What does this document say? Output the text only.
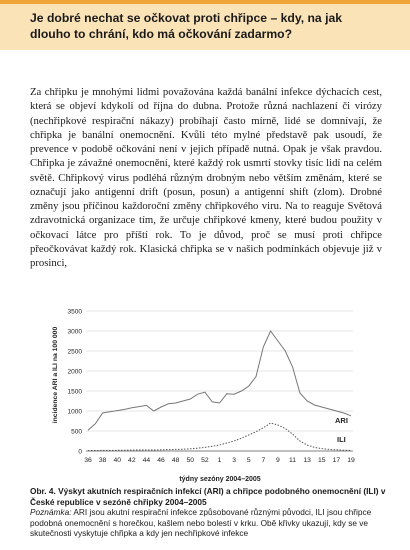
Je dobré nechat se očkovat proti chřipce – kdy, na jak dlouho to chrání, kdo má očkování zadarmo?
Za chřipku je mnohými lidmi považována každá banální infekce dýchacích cest, která se objeví kdykoli od října do dubna. Protože různá nachlazení či virózy (nechřipkové respirační nákazy) probíhají často mírně, lidé se domnívají, že chřipka je banální onemocnění. Kvůli této mylné představě pak usoudí, že prevence v podobě očkování není v jejich případě nutná. Opak je však pravdou. Chřipka je závažné onemocnění, které každý rok usmrtí stovky tisíc lidí na celém světě. Chřipkový virus podléhá různým drobným nebo větším změnám, které se označují jako antigenní drift (posun, posun) a antigenní shift (zlom). Drobné změny jsou příčinou každoroční změny chřipkového viru. Na to reaguje Světová zdravotnická organizace tím, že určuje chřipkové kmeny, které budou použity v očkovací látce pro příští rok. To je důvod, proč se musí proti chřipce přeočkovávat každý rok. Klasická chřipka se v našich podmínkách objevuje již v prosinci,
0
500
1000
1500
2000
2500
3000
3500
36 38 40 42 44 46 48 50 52 1 3 5 7 9 11 13 15 17 19
ARI
ILI
incidence ARI a ILI na 100 000
týdny sezóny 2004–2005
Obr. 4. Výskyt akutních respiračních infekcí (ARI) a chřipce podobného onemocnění (ILI) v České republice v sezóně chřipky 2004–2005
Poznámka: ARI jsou akutní respirační infekce způsobované různými původci, ILI jsou chřipce podobná onemocnění s horečkou, kašlem nebo bolestí v krku. Obě křivky ukazují, kdy se ve skutečnosti vyskytuje chřipka a kdy jen nechřipkové infekce
